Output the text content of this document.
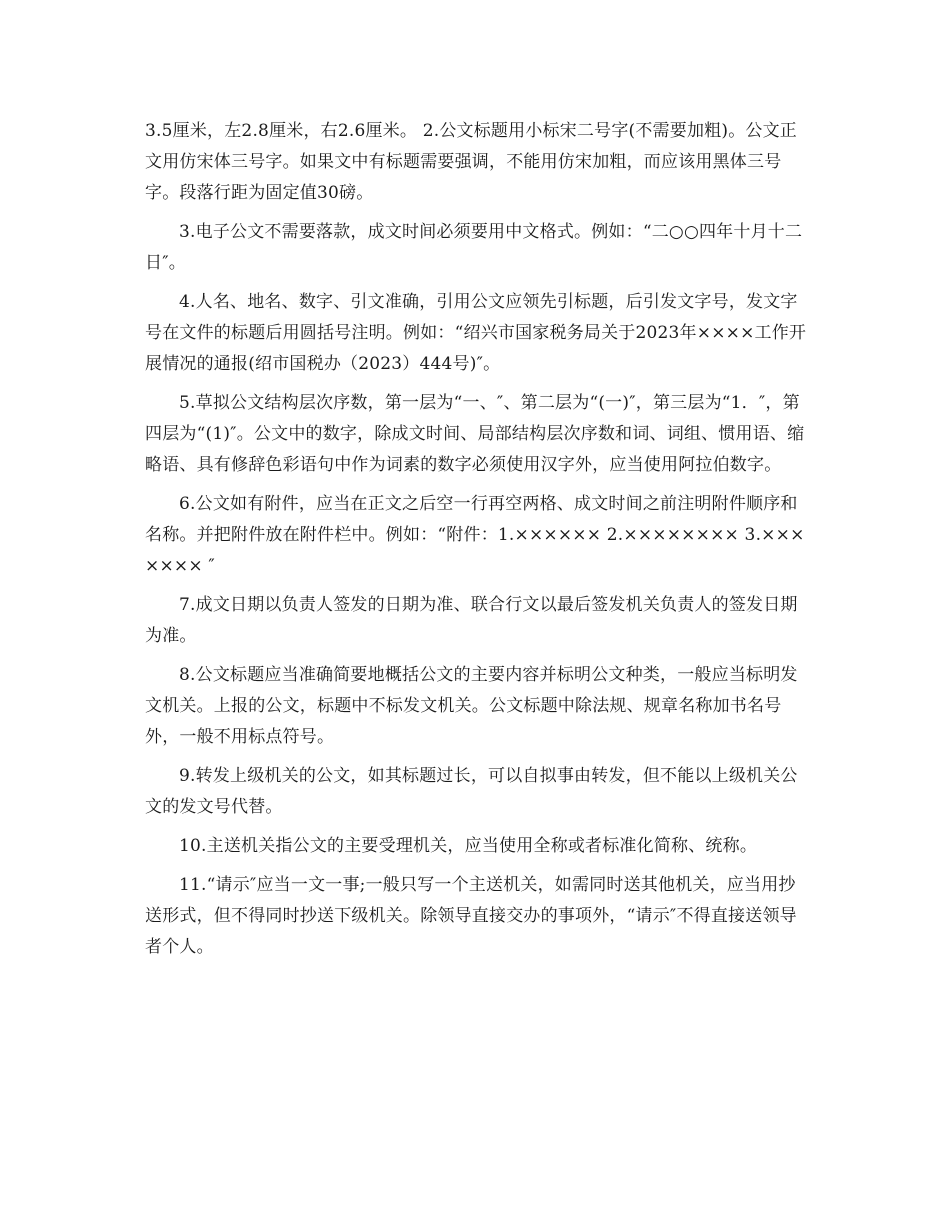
3.5厘米，左2.8厘米，右2.6厘米。 2.公文标题用小标宋二号字(不需要加粗)。公文正文用仿宋体三号字。如果文中有标题需要强调，不能用仿宋加粗，而应该用黑体三号字。段落行距为固定值30磅。

3.电子公文不需要落款，成文时间必须要用中文格式。例如：“二○○四年十月十二日″。

4.人名、地名、数字、引文准确，引用公文应领先引标题，后引发文字号，发文字号在文件的标题后用圆括号注明。例如：“绍兴市国家税务局关于2023年××××工作开展情况的通报(绍市国税办（2023）444号)″。

5.草拟公文结构层次序数，第一层为“一、″、第二层为“(一)″，第三层为“1．″，第四层为“(1)″。公文中的数字，除成文时间、局部结构层次序数和词、词组、惯用语、缩略语、具有修辞色彩语句中作为词素的数字必须使用汉字外，应当使用阿拉伯数字。

6.公文如有附件，应当在正文之后空一行再空两格、成文时间之前注明附件顺序和名称。并把附件放在附件栏中。例如：“附件：1.×××××× 2.×××××××× 3.××××××× ″

7.成文日期以负责人签发的日期为准、联合行文以最后签发机关负责人的签发日期为准。

8.公文标题应当准确简要地概括公文的主要内容并标明公文种类，一般应当标明发文机关。上报的公文，标题中不标发文机关。公文标题中除法规、规章名称加书名号外，一般不用标点符号。

9.转发上级机关的公文，如其标题过长，可以自拟事由转发，但不能以上级机关公文的发文号代替。

10.主送机关指公文的主要受理机关，应当使用全称或者标准化简称、统称。

11.“请示″应当一文一事;一般只写一个主送机关，如需同时送其他机关，应当用抄送形式，但不得同时抄送下级机关。除领导直接交办的事项外，“请示″不得直接送领导者个人。
